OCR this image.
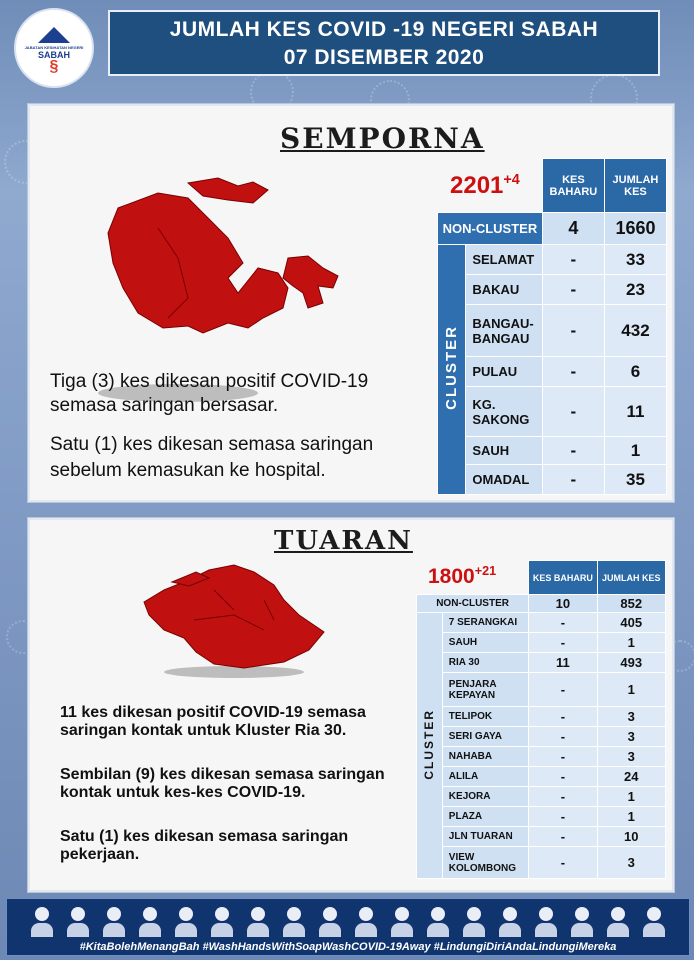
JABATAN KESIHATAN NEGERI
SABAH
§
JUMLAH KES COVID -19 NEGERI SABAH
07 DISEMBER 2020
SEMPORNA
$2201^{+4}$
Tiga (3) kes dikesan positif COVID-19 semasa saringan bersasar.
Satu (1) kes dikesan semasa saringan sebelum kemasukan ke hospital.
		KES BAHARU	JUMLAH KES
NON-CLUSTER		4	1660
CLUSTER	SELAMAT	-	33
	BAKAU	-	23
	BANGAU-BANGAU	-	432
	PULAU	-	6
	KG. SAKONG	-	11
	SAUH	-	1
	OMADAL	-	35
TUARAN
$1800^{+21}$
11 kes dikesan positif COVID-19 semasa saringan kontak untuk Kluster Ria 30.
Sembilan (9) kes dikesan semasa saringan kontak untuk kes-kes COVID-19.
Satu (1) kes dikesan semasa saringan pekerjaan.
		KES BAHARU	JUMLAH KES
NON-CLUSTER		10	852
CLUSTER	7 SERANGKAI	-	405
	SAUH	-	1
	RIA 30	11	493
	PENJARA KEPAYAN	-	1
	TELIPOK	-	3
	SERI GAYA	-	3
	NAHABA	-	3
	ALILA	-	24
	KEJORA	-	1
	PLAZA	-	1
	JLN TUARAN	-	10
	VIEW KOLOMBONG	-	3
#KitaBolehMenangBah #WashHandsWithSoapWashCOVID-19Away #LindungiDiriAndaLindungiMereka
